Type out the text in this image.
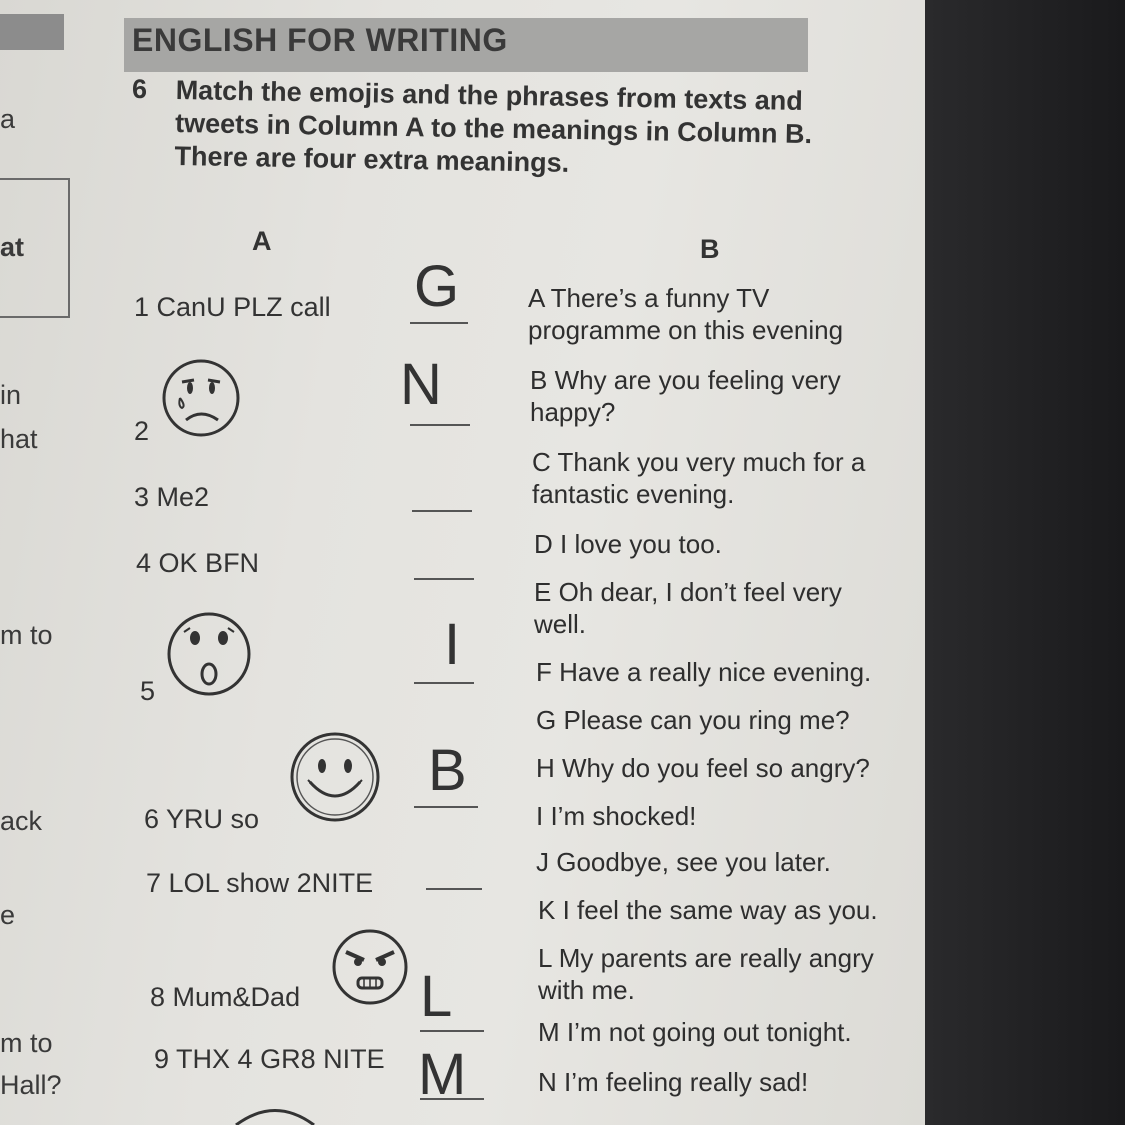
a
at
in
hat
m to
ack
e
m to
Hall?
ENGLISH FOR WRITING
6 Match the emojis and the phrases from texts and tweets in Column A to the meanings in Column B. There are four extra meanings.
A	B
1 CanU PLZ call
2
3 Me2
4 OK BFN
5
6 YRU so
7 LOL show 2NITE
8 Mum&Dad
9 THX 4 GR8 NITE
G
N
I
B
L
M
A There’s a funny TV programme on this evening
B Why are you feeling very happy?
C Thank you very much for a fantastic evening.
D I love you too.
E Oh dear, I don’t feel very well.
F Have a really nice evening.
G Please can you ring me?
H Why do you feel so angry?
I I’m shocked!
J Goodbye, see you later.
K I feel the same way as you.
L My parents are really angry with me.
M I’m not going out tonight.
N I’m feeling really sad!
